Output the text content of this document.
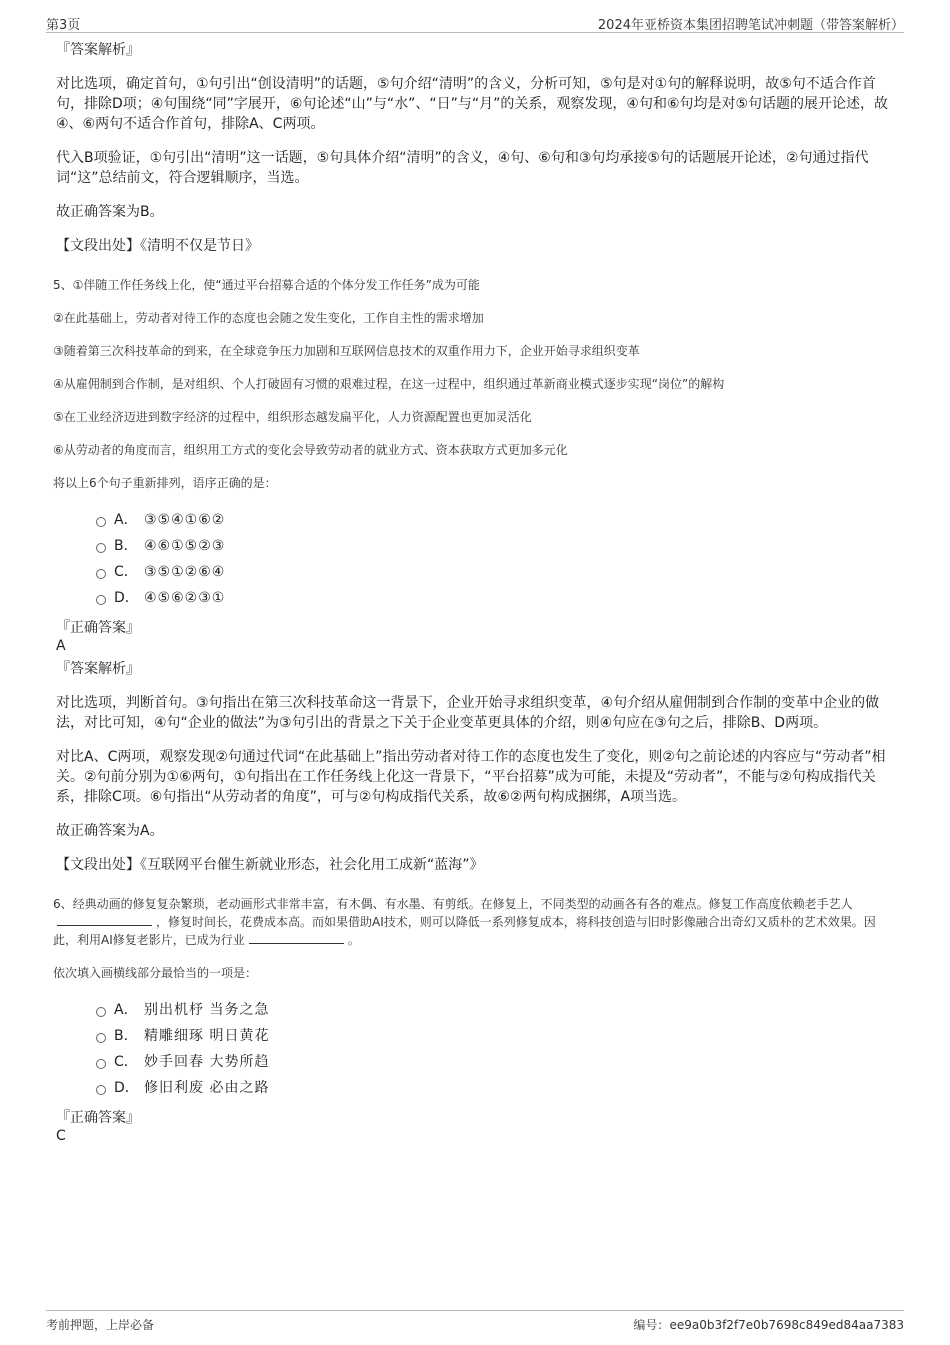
第3页	2024年亚桥资本集团招聘笔试冲刺题（带答案解析）

『答案解析』

对比选项，确定首句，①句引出“创设清明”的话题，⑤句介绍“清明”的含义，分析可知，⑤句是对①句的解释说明，故⑤句不适合作首句，排除D项；④句围绕“同”字展开，⑥句论述“山”与“水”、“日”与“月”的关系，观察发现，④句和⑥句均是对⑤句话题的展开论述，故④、⑥两句不适合作首句，排除A、C两项。

代入B项验证，①句引出“清明”这一话题，⑤句具体介绍“清明”的含义，④句、⑥句和③句均承接⑤句的话题展开论述，②句通过指代词“这”总结前文，符合逻辑顺序，当选。

故正确答案为B。

【文段出处】《清明不仅是节日》

5、①伴随工作任务线上化，使“通过平台招募合适的个体分发工作任务”成为可能

②在此基础上，劳动者对待工作的态度也会随之发生变化，工作自主性的需求增加

③随着第三次科技革命的到来，在全球竞争压力加剧和互联网信息技术的双重作用力下，企业开始寻求组织变革

④从雇佣制到合作制，是对组织、个人打破固有习惯的艰难过程，在这一过程中，组织通过革新商业模式逐步实现“岗位”的解构

⑤在工业经济迈进到数字经济的过程中，组织形态越发扁平化，人力资源配置也更加灵活化

⑥从劳动者的角度而言，组织用工方式的变化会导致劳动者的就业方式、资本获取方式更加多元化

将以上6个句子重新排列，语序正确的是：

A． ③⑤④①⑥②
B． ④⑥①⑤②③
C． ③⑤①②⑥④
D． ④⑤⑥②③①

『正确答案』

A

『答案解析』

对比选项，判断首句。③句指出在第三次科技革命这一背景下，企业开始寻求组织变革，④句介绍从雇佣制到合作制的变革中企业的做法，对比可知，④句“企业的做法”为③句引出的背景之下关于企业变革更具体的介绍，则④句应在③句之后，排除B、D两项。

对比A、C两项，观察发现②句通过代词“在此基础上”指出劳动者对待工作的态度也发生了变化，则②句之前论述的内容应与“劳动者”相关。②句前分别为①⑥两句，①句指出在工作任务线上化这一背景下，“平台招募”成为可能，未提及“劳动者”，不能与②句构成指代关系，排除C项。⑥句指出“从劳动者的角度”，可与②句构成指代关系，故⑥②两句构成捆绑，A项当选。

故正确答案为A。

【文段出处】《互联网平台催生新就业形态，社会化用工成新“蓝海”》

6、经典动画的修复复杂繁琐，老动画形式非常丰富，有木偶、有水墨、有剪纸。在修复上，不同类型的动画各有各的难点。修复工作高度依赖老手艺人，修复时间长，花费成本高。而如果借助AI技术，则可以降低一系列修复成本，将科技创造与旧时影像融合出奇幻又质朴的艺术效果。因此，利用AI修复老影片，已成为行业	。

依次填入画横线部分最恰当的一项是：

A． 别出机杼 当务之急
B． 精雕细琢 明日黄花
C． 妙手回春 大势所趋
D． 修旧利废 必由之路

『正确答案』

C

考前押题，上岸必备	编号：ee9a0b3f2f7e0b7698c849ed84aa7383
